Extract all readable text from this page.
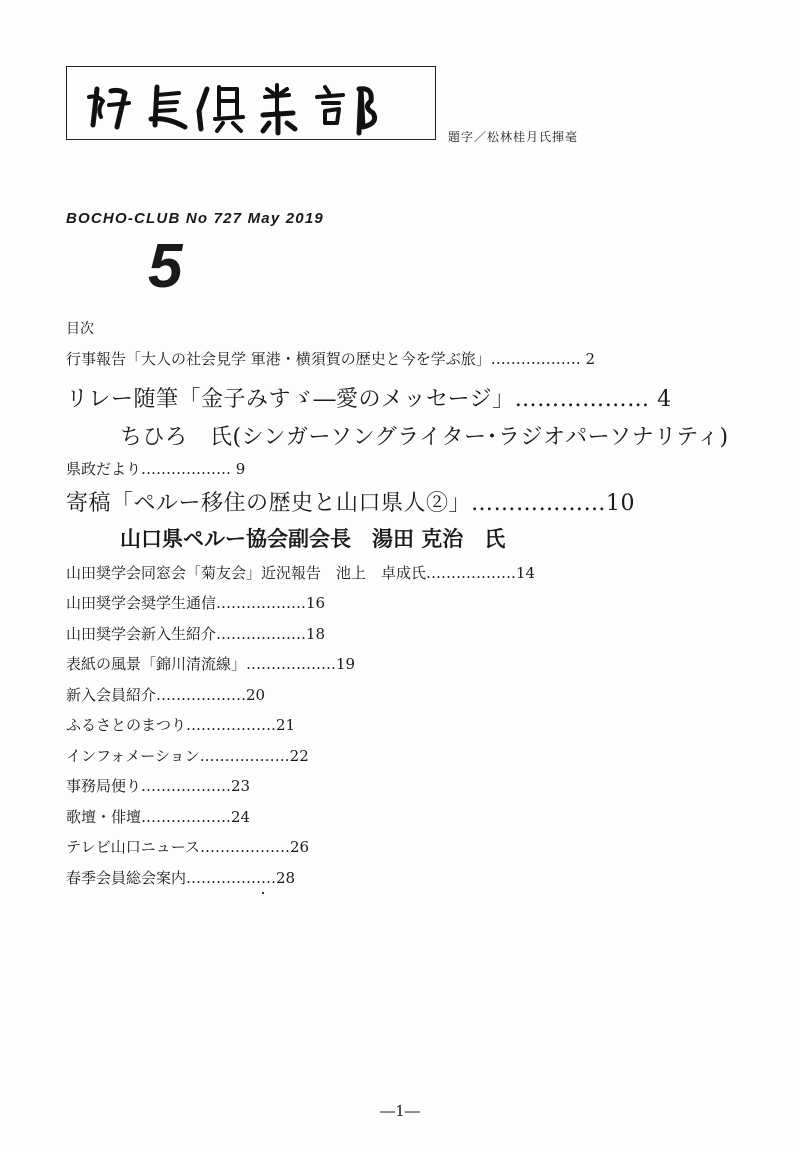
題字／松林桂月氏揮毫
BOCHO-CLUB No 727 May 2019
5
目次
行事報告「大人の社会見学 軍港・横須賀の歴史と今を学ぶ旅」……………… 2
リレー随筆「金子みすゞ―愛のメッセージ」……………… 4
ちひろ　氏(シンガーソングライター･ラジオパーソナリティ)
県政だより……………… 9
寄稿「ペルー移住の歴史と山口県人②」………………10
山口県ペルー協会副会長　湯田 克治　氏
山田奨学会同窓会「菊友会」近況報告　池上　卓成氏………………14
山田奨学会奨学生通信………………16
山田奨学会新入生紹介………………18
表紙の風景「錦川清流線」………………19
新入会員紹介………………20
ふるさとのまつり………………21
インフォメーション………………22
事務局便り………………23
歌壇・俳壇………………24
テレビ山口ニュース………………26
春季会員総会案内………………28
―1―
